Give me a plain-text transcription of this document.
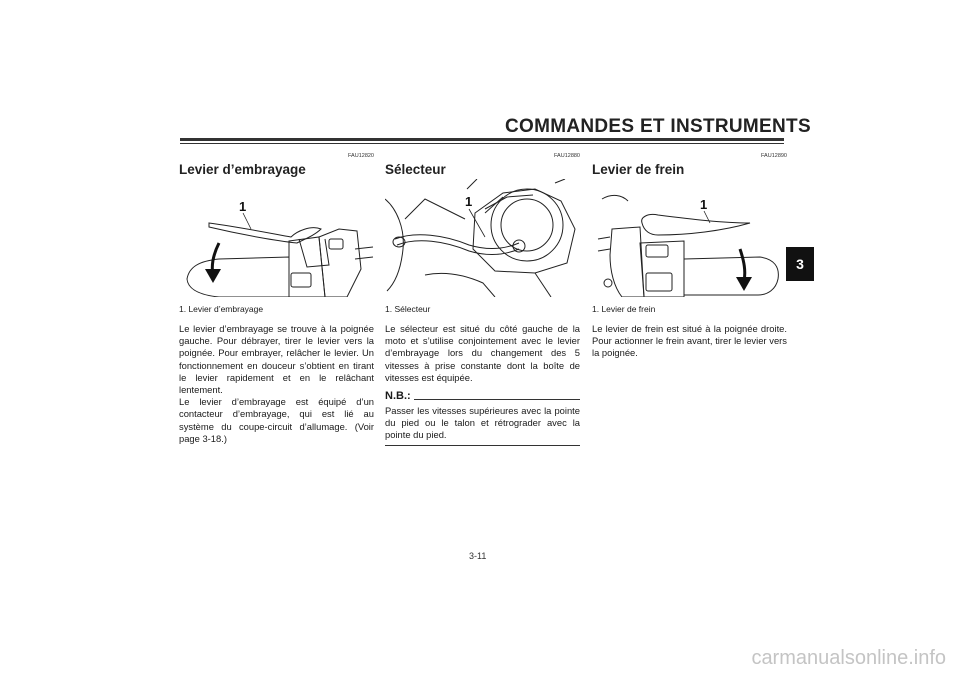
COMMANDES ET INSTRUMENTS
3
FAU12820
Levier d’embrayage
1
1. Levier d’embrayage
Le levier d’embrayage se trouve à la poignée gauche. Pour débrayer, tirer le levier vers la poignée. Pour embrayer, relâcher le levier. Un fonctionnement en douceur s’obtient en tirant le levier rapidement et en le relâchant lentement.
Le levier d’embrayage est équipé d’un contacteur d’embrayage, qui est lié au système du coupe-circuit d’allumage. (Voir page 3-18.)
FAU12880
Sélecteur
1
1. Sélecteur
Le sélecteur est situé du côté gauche de la moto et s’utilise conjointement avec le levier d’embrayage lors du changement des 5 vitesses à prise constante dont la boîte de vitesses est équipée.
N.B.:
Passer les vitesses supérieures avec la pointe du pied ou le talon et rétrograder avec la pointe du pied.
FAU12890
Levier de frein
1
1. Levier de frein
Le levier de frein est situé à la poignée droite. Pour actionner le frein avant, tirer le levier vers la poignée.
3-11
carmanualsonline.info
